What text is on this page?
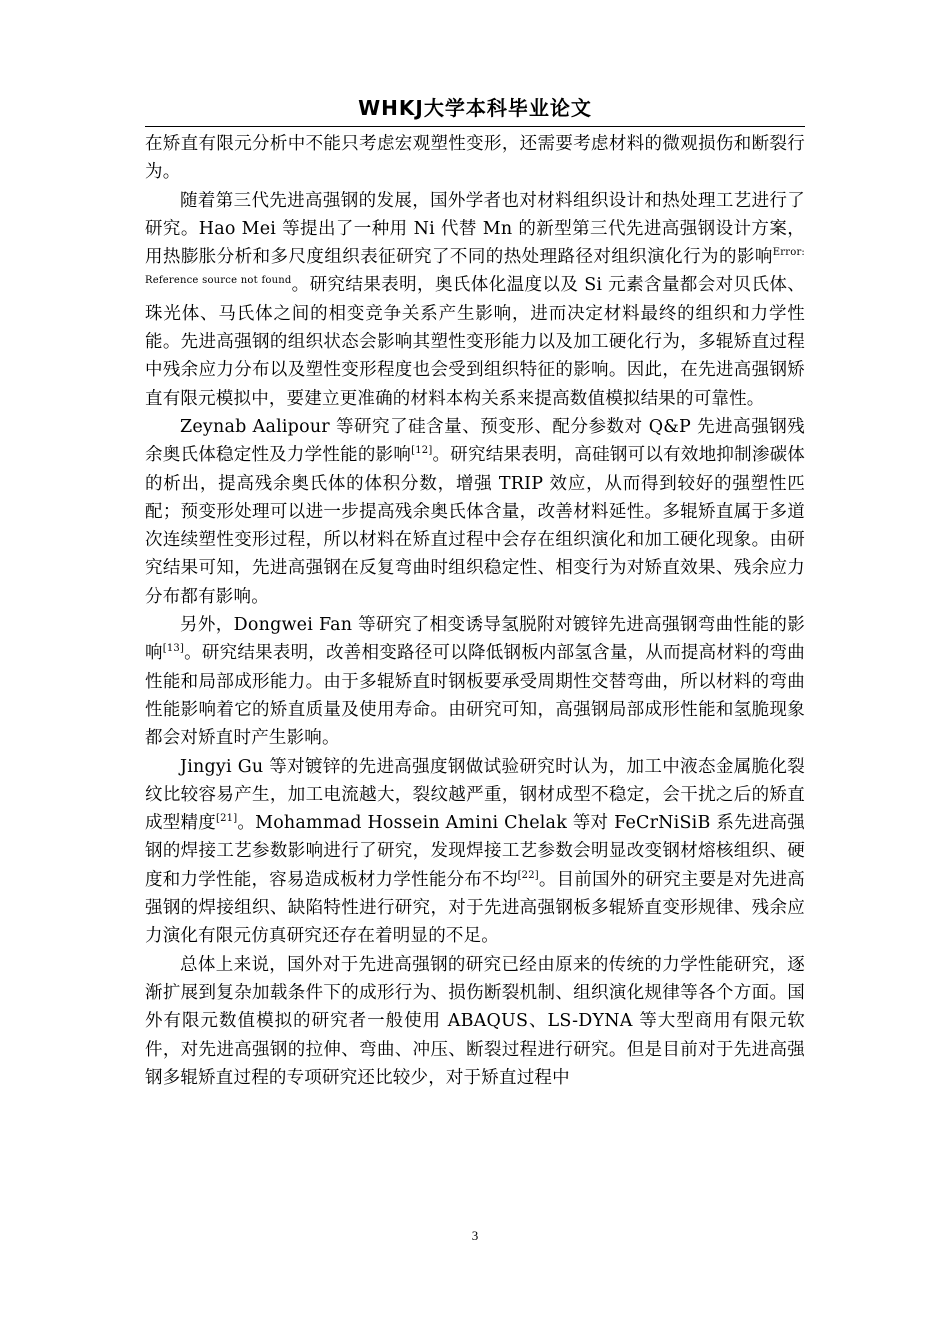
WHKJ大学本科毕业论文

在矫直有限元分析中不能只考虑宏观塑性变形，还需要考虑材料的微观损伤和断裂行为。

随着第三代先进高强钢的发展，国外学者也对材料组织设计和热处理工艺进行了研究。Hao Mei 等提出了一种用 Ni 代替 Mn 的新型第三代先进高强钢设计方案，用热膨胀分析和多尺度组织表征研究了不同的热处理路径对组织演化行为的影响$^{Error: Reference source not found}$。研究结果表明，奥氏体化温度以及 Si 元素含量都会对贝氏体、珠光体、马氏体之间的相变竞争关系产生影响，进而决定材料最终的组织和力学性能。先进高强钢的组织状态会影响其塑性变形能力以及加工硬化行为，多辊矫直过程中残余应力分布以及塑性变形程度也会受到组织特征的影响。因此，在先进高强钢矫直有限元模拟中，要建立更准确的材料本构关系来提高数值模拟结果的可靠性。

Zeynab Aalipour 等研究了硅含量、预变形、配分参数对 Q&P 先进高强钢残余奥氏体稳定性及力学性能的影响[12]。研究结果表明，高硅钢可以有效地抑制渗碳体的析出，提高残余奥氏体的体积分数，增强 TRIP 效应，从而得到较好的强塑性匹配；预变形处理可以进一步提高残余奥氏体含量，改善材料延性。多辊矫直属于多道次连续塑性变形过程，所以材料在矫直过程中会存在组织演化和加工硬化现象。由研究结果可知，先进高强钢在反复弯曲时组织稳定性、相变行为对矫直效果、残余应力分布都有影响。

另外，Dongwei Fan 等研究了相变诱导氢脱附对镀锌先进高强钢弯曲性能的影响[13]。研究结果表明，改善相变路径可以降低钢板内部氢含量，从而提高材料的弯曲性能和局部成形能力。由于多辊矫直时钢板要承受周期性交替弯曲，所以材料的弯曲性能影响着它的矫直质量及使用寿命。由研究可知，高强钢局部成形性能和氢脆现象都会对矫直时产生影响。

Jingyi Gu 等对镀锌的先进高强度钢做试验研究时认为，加工中液态金属脆化裂纹比较容易产生，加工电流越大，裂纹越严重，钢材成型不稳定，会干扰之后的矫直成型精度[21]。Mohammad Hossein Amini Chelak 等对 FeCrNiSiB 系先进高强钢的焊接工艺参数影响进行了研究，发现焊接工艺参数会明显改变钢材熔核组织、硬度和力学性能，容易造成板材力学性能分布不均[22]。目前国外的研究主要是对先进高强钢的焊接组织、缺陷特性进行研究，对于先进高强钢板多辊矫直变形规律、残余应力演化有限元仿真研究还存在着明显的不足。

总体上来说，国外对于先进高强钢的研究已经由原来的传统的力学性能研究，逐渐扩展到复杂加载条件下的成形行为、损伤断裂机制、组织演化规律等各个方面。国外有限元数值模拟的研究者一般使用 ABAQUS、LS-DYNA 等大型商用有限元软件，对先进高强钢的拉伸、弯曲、冲压、断裂过程进行研究。但是目前对于先进高强钢多辊矫直过程的专项研究还比较少，对于矫直过程中

3
